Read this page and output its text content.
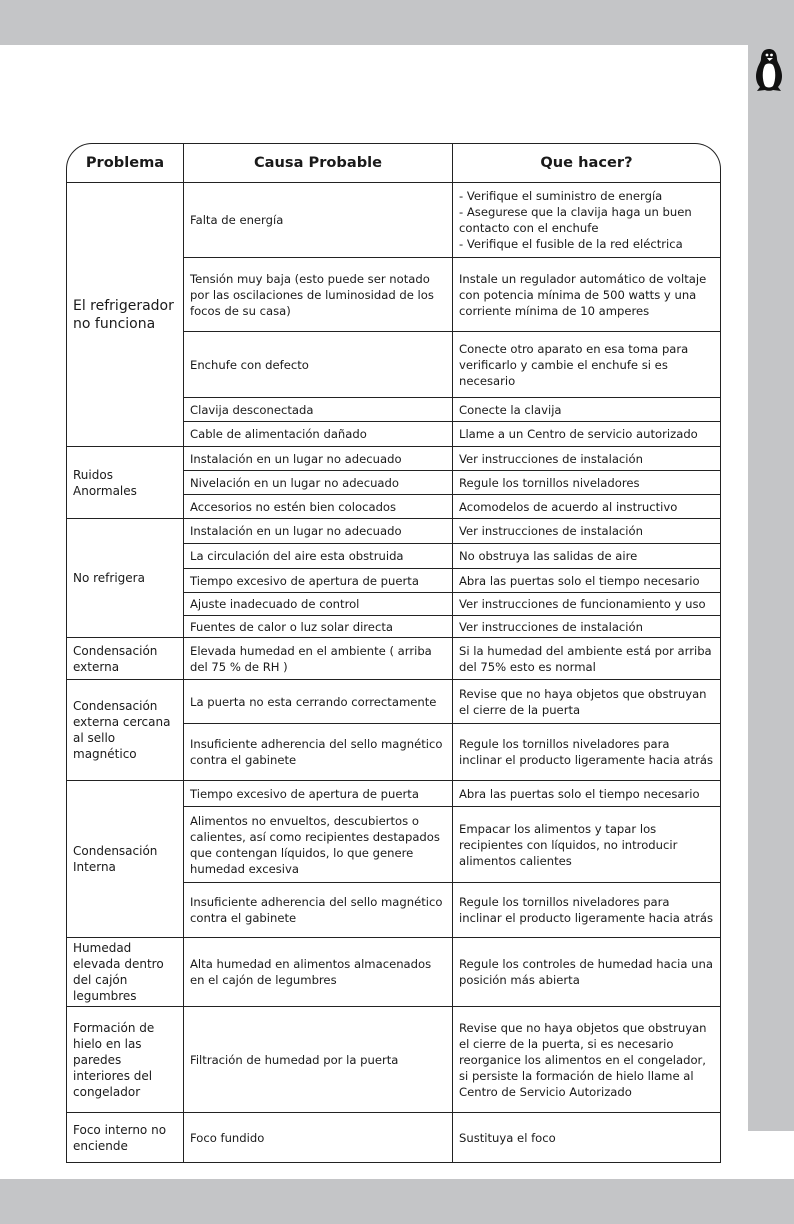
Problema	Causa Probable	Que hacer?
El refrigerador no funciona	Falta de energía	- Verifique el suministro de energía
- Asegurese que la clavija haga un buen contacto con el enchufe
- Verifique el fusible de la red eléctrica
	Tensión muy baja (esto puede ser notado por las oscilaciones de luminosidad de los focos de su casa)	Instale un regulador automático de voltaje con potencia mínima de 500 watts y una corriente mínima de 10 amperes
	Enchufe con defecto	Conecte otro aparato en esa toma para verificarlo y cambie el enchufe si es necesario
	Clavija desconectada	Conecte la clavija
	Cable de alimentación dañado	Llame a un Centro de servicio autorizado
Ruidos Anormales	Instalación en un lugar no adecuado	Ver instrucciones de instalación
	Nivelación en un lugar no adecuado	Regule los tornillos niveladores
	Accesorios no estén bien colocados	Acomodelos de acuerdo al instructivo
No refrigera	Instalación en un lugar no adecuado	Ver instrucciones de instalación
	La circulación del aire esta obstruida	No obstruya las salidas de aire
	Tiempo excesivo de apertura de puerta	Abra las puertas solo el tiempo necesario
	Ajuste inadecuado de control	Ver instrucciones de funcionamiento y uso
	Fuentes de calor o luz solar directa	Ver instrucciones de instalación
Condensación externa	Elevada humedad en el ambiente ( arriba del 75 % de RH )	Si la humedad del ambiente está por arriba del 75% esto es normal
Condensación externa cercana al sello magnético	La puerta no esta cerrando correctamente	Revise que no haya objetos que obstruyan el cierre de la puerta
	Insuficiente adherencia del sello magnético contra el gabinete	Regule los tornillos niveladores para inclinar el producto ligeramente hacia atrás
Condensación Interna	Tiempo excesivo de apertura de puerta	Abra las puertas solo el tiempo necesario
	Alimentos no envueltos, descubiertos o calientes, así como recipientes destapados que contengan líquidos, lo que genere humedad excesiva	Empacar los alimentos y tapar los recipientes con líquidos, no introducir alimentos calientes
	Insuficiente adherencia del sello magnético contra el gabinete	Regule los tornillos niveladores para inclinar el producto ligeramente hacia atrás
Humedad elevada dentro del cajón legumbres	Alta humedad en alimentos almacenados en el cajón de legumbres	Regule los controles de humedad hacia una posición más abierta
Formación de hielo en las paredes interiores del congelador	Filtración de humedad por la puerta	Revise que no haya objetos que obstruyan el cierre de la puerta, si es necesario reorganice los alimentos en el congelador, si persiste la formación de hielo llame al Centro de Servicio Autorizado
Foco interno no enciende	Foco fundido	Sustituya el foco
